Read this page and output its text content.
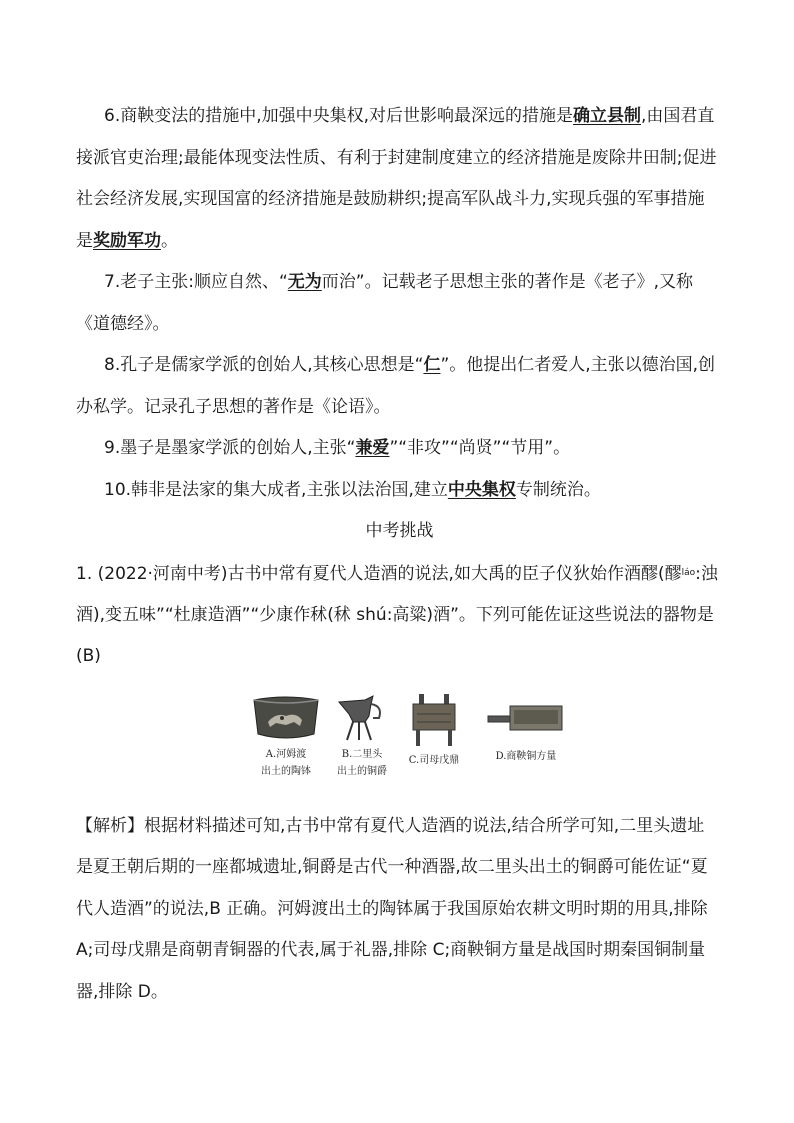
6.商鞅变法的措施中,加强中央集权,对后世影响最深远的措施是确立县制,由国君直接派官吏治理;最能体现变法性质、有利于封建制度建立的经济措施是废除井田制;促进社会经济发展,实现国富的经济措施是鼓励耕织;提高军队战斗力,实现兵强的军事措施是奖励军功。

7.老子主张:顺应自然、“无为而治”。记载老子思想主张的著作是《老子》,又称《道德经》。

8.孔子是儒家学派的创始人,其核心思想是“仁”。他提出仁者爱人,主张以德治国,创办私学。记录孔子思想的著作是《论语》。

9.墨子是墨家学派的创始人,主张“兼爱”“非攻”“尚贤”“节用”。

10.韩非是法家的集大成者,主张以法治国,建立中央集权专制统治。

中考挑战

1. (2022·河南中考)古书中常有夏代人造酒的说法,如大禹的臣子仪狄始作酒醪(醪láo:浊酒),变五味”“杜康造酒”“少康作秫(秫 shú:高粱)酒”。下列可能佐证这些说法的器物是  (B)

A.河姆渡
出土的陶钵
B.二里头
出土的铜爵
C.司母戊鼎	D.商鞅铜方量

【解析】根据材料描述可知,古书中常有夏代人造酒的说法,结合所学可知,二里头遗址是夏王朝后期的一座都城遗址,铜爵是古代一种酒器,故二里头出土的铜爵可能佐证“夏代人造酒”的说法,B 正确。河姆渡出土的陶钵属于我国原始农耕文明时期的用具,排除 A;司母戊鼎是商朝青铜器的代表,属于礼器,排除 C;商鞅铜方量是战国时期秦国铜制量器,排除 D。
